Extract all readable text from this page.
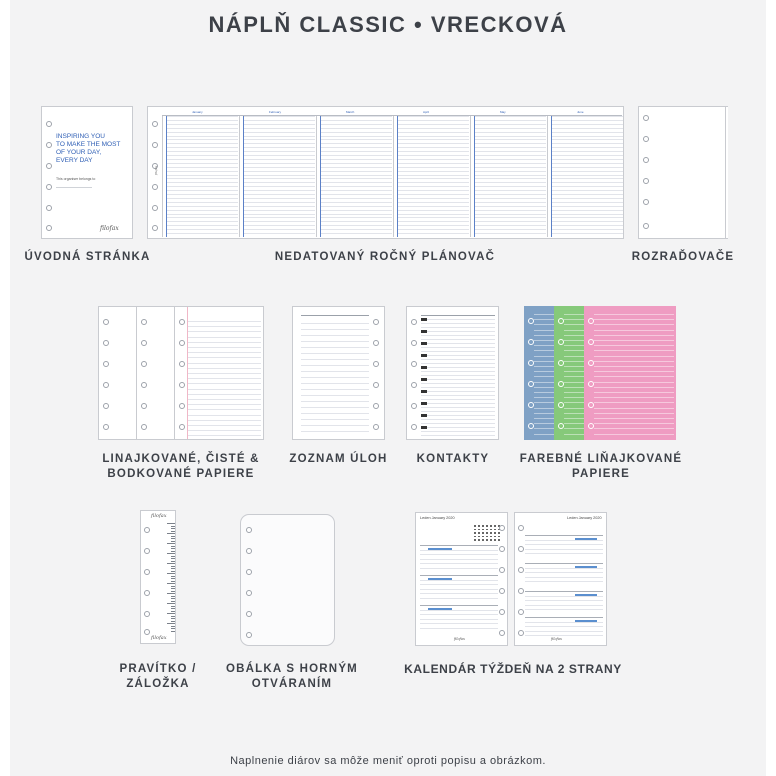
NÁPLŇ CLASSIC • VRECKOVÁ
INSPIRING YOU
TO MAKE THE MOST
OF YOUR DAY,
EVERY DAY
This organiser belongs to
filofax
filofax
January	February	March	April	May	June
ÚVODNÁ STRÁNKA	NEDATOVANÝ ROČNÝ PLÁNOVAČ	ROZRAĎOVAČE
LINAJKOVANÉ, ČISTÉ &
BODKOVANÉ PAPIERE
ZOZNAM ÚLOH	KONTAKTY	FAREBNÉ LIŇAJKOVANÉ
PAPIERE
filofax
filofax
Leden January 2020
filofax
Leden January 2020
filofax
PRAVÍTKO /
ZÁLOŽKA
OBÁLKA S HORNÝM
OTVÁRANÍM
KALENDÁR TÝŽDEŇ NA 2 STRANY
Naplnenie diárov sa môže meniť oproti popisu a obrázkom.
